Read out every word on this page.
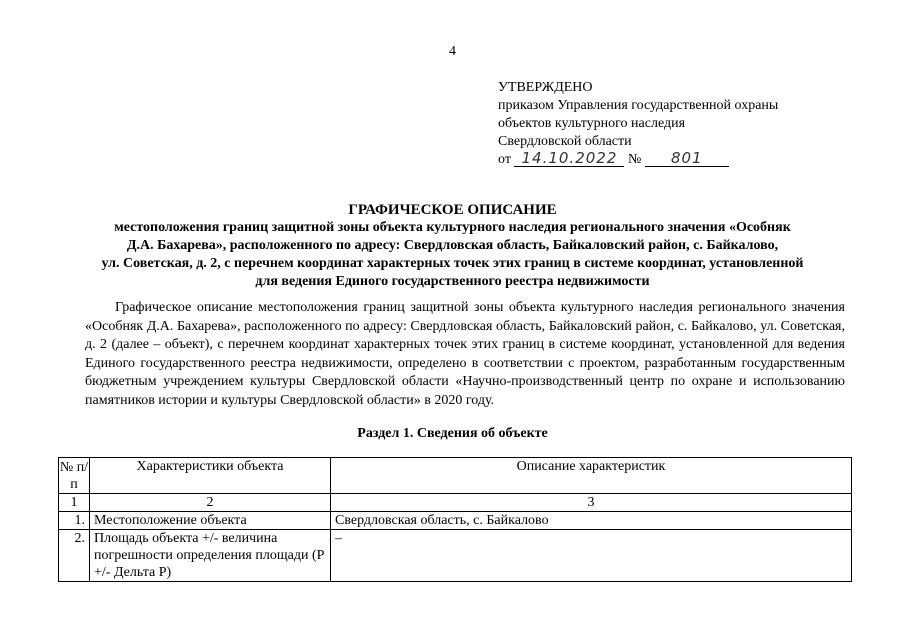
4
УТВЕРЖДЕНО
приказом Управления государственной охраны
объектов культурного наследия
Свердловской области
от 14.10.2022 № 801
ГРАФИЧЕСКОЕ ОПИСАНИЕ
местоположения границ защитной зоны объекта культурного наследия регионального значения «Особняк
Д.А. Бахарева», расположенного по адресу: Свердловская область, Байкаловский район, с. Байкалово,
ул. Советская, д. 2, с перечнем координат характерных точек этих границ в системе координат, установленной
для ведения Единого государственного реестра недвижимости
Графическое описание местоположения границ защитной зоны объекта культурного наследия регионального значения «Особняк Д.А. Бахарева», расположенного по адресу: Свердловская область, Байкаловский район, с. Байкалово, ул. Советская, д. 2 (далее – объект), с перечнем координат характерных точек этих границ в системе координат, установленной для ведения Единого государственного реестра недвижимости, определено в соответствии с проектом, разработанным государственным бюджетным учреждением культуры Свердловской области «Научно-производственный центр по охране и использованию памятников истории и культуры Свердловской области» в 2020 году.
Раздел 1. Сведения об объекте
№ п/п	Характеристики объекта	Описание характеристик
1	2	3
1.	Местоположение объекта	Свердловская область, с. Байкалово
2.	Площадь объекта +/- величина погрешности определения площади (P +/- Дельта P)	–
